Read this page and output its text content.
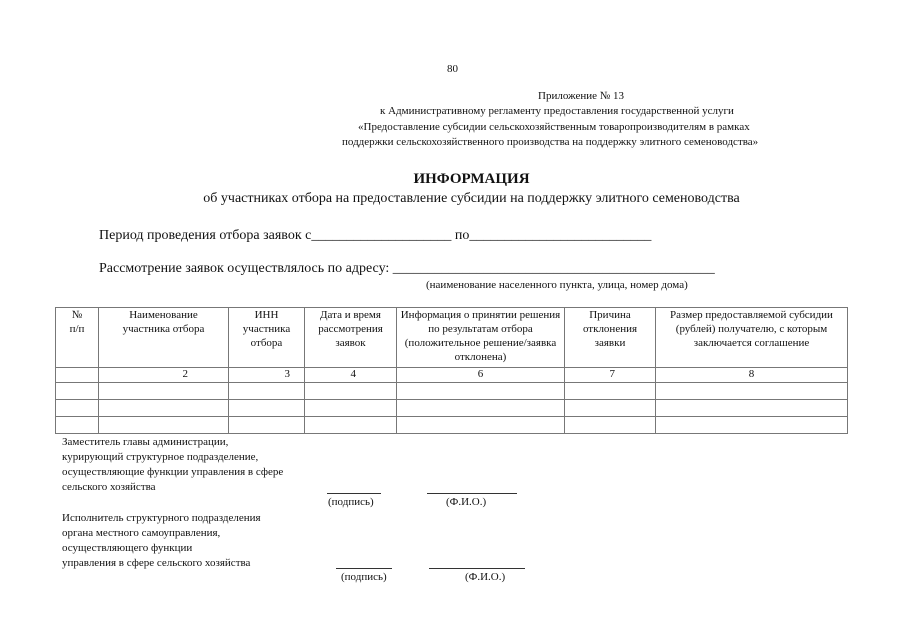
80
Приложение № 13
к Административному регламенту предоставления государственной услуги
«Предоставление субсидии сельскохозяйственным товаропроизводителям в рамках
поддержки сельскохозяйственного производства на поддержку элитного семеноводства»
ИНФОРМАЦИЯ
об участниках отбора на предоставление субсидии на поддержку элитного семеноводства
Период проведения отбора заявок с____________________ по__________________________
Рассмотрение заявок осуществлялось по адресу: ______________________________________________
(наименование населенного пункта, улица, номер дома)
№ п/п	Наименование участника отбора	ИНН участника отбора	Дата и время рассмотрения заявок	Информация о принятии решения по результатам отбора (положительное решение/заявка отклонена)	Причина отклонения заявки	Размер предоставляемой субсидии (рублей) получателю, с которым заключается соглашение

	2	3	4	6	7	8

Заместитель главы администрации,
курирующий структурное подразделение,
осуществляющие функции управления в сфере
сельского хозяйства
(подпись)	(Ф.И.О.)
Исполнитель структурного подразделения
органа местного самоуправления,
осуществляющего функции
управления в сфере сельского хозяйства
(подпись)	(Ф.И.О.)
